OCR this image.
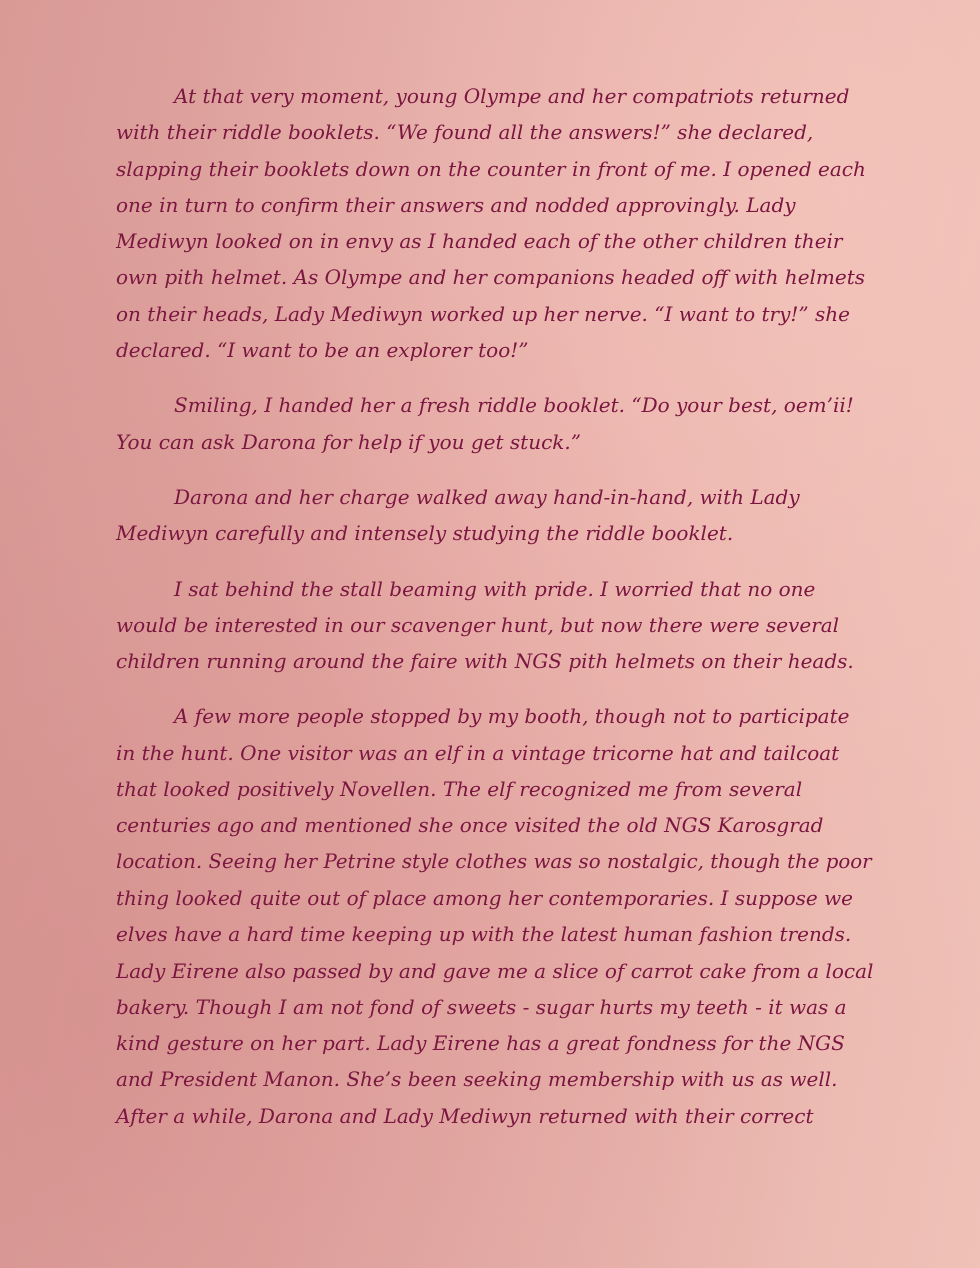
At that very moment, young Olympe and her compatriots returned
with their riddle booklets. “We found all the answers!” she declared,
slapping their booklets down on the counter in front of me. I opened each
one in turn to confirm their answers and nodded approvingly. Lady
Mediwyn looked on in envy as I handed each of the other children their
own pith helmet. As Olympe and her companions headed off with helmets
on their heads, Lady Mediwyn worked up her nerve. “I want to try!” she
declared. “I want to be an explorer too!”

Smiling, I handed her a fresh riddle booklet. “Do your best, oem’ii!
You can ask Darona for help if you get stuck.”

Darona and her charge walked away hand-in-hand, with Lady
Mediwyn carefully and intensely studying the riddle booklet.

I sat behind the stall beaming with pride. I worried that no one
would be interested in our scavenger hunt, but now there were several
children running around the faire with NGS pith helmets on their heads.

A few more people stopped by my booth, though not to participate
in the hunt. One visitor was an elf in a vintage tricorne hat and tailcoat
that looked positively Novellen. The elf recognized me from several
centuries ago and mentioned she once visited the old NGS Karosgrad
location. Seeing her Petrine style clothes was so nostalgic, though the poor
thing looked quite out of place among her contemporaries. I suppose we
elves have a hard time keeping up with the latest human fashion trends.
Lady Eirene also passed by and gave me a slice of carrot cake from a local
bakery. Though I am not fond of sweets - sugar hurts my teeth - it was a
kind gesture on her part. Lady Eirene has a great fondness for the NGS
and President Manon. She’s been seeking membership with us as well.
After a while, Darona and Lady Mediwyn returned with their correct
